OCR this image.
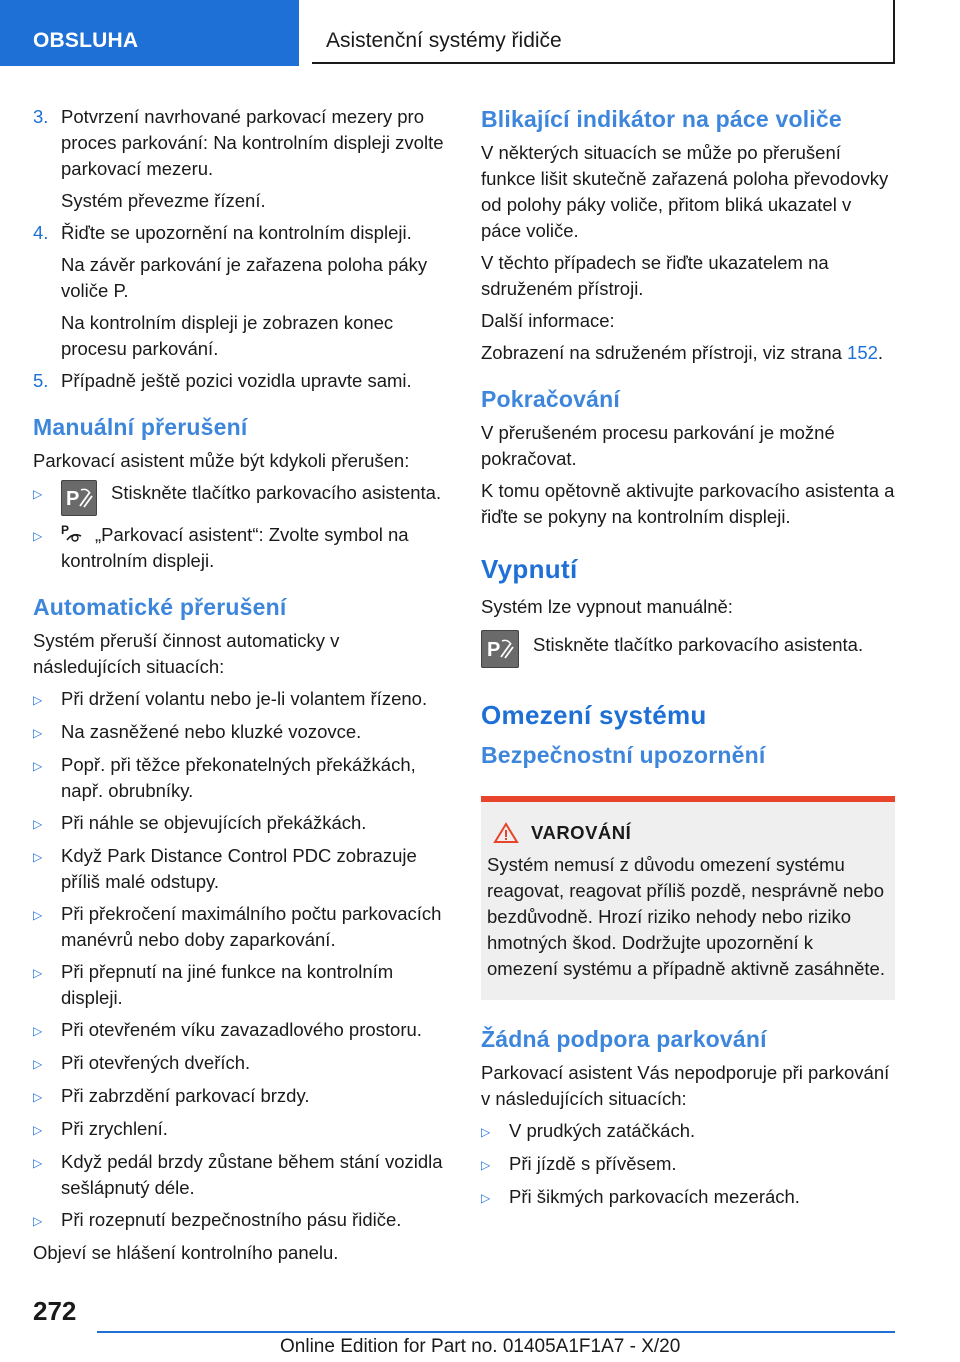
OBSLUHA	Asistenční systémy řidiče
3. Potvrzení navrhované parkovací mezery pro proces parkování: Na kontrolním displeji zvolte parkovací mezeru.
Systém převezme řízení.
4. Řiďte se upozornění na kontrolním displeji.
Na závěr parkování je zařazena poloha páky voliče P.
Na kontrolním displeji je zobrazen konec procesu parkování.
5. Případně ještě pozici vozidla upravte sami.
Manuální přerušení
Parkovací asistent může být kdykoli přerušen:
▷	P Stiskněte tlačítko parkovacího asistenta.
▷	P „Parkovací asistent“: Zvolte symbol na kontrolním displeji.
Automatické přerušení
Systém přeruší činnost automaticky v následujících situacích:
▷	Při držení volantu nebo je-li volantem řízeno.
▷	Na zasněžené nebo kluzké vozovce.
▷	Popř. při těžce překonatelných překážkách, např. obrubníky.
▷	Při náhle se objevujících překážkách.
▷	Když Park Distance Control PDC zobrazuje příliš malé odstupy.
▷	Při překročení maximálního počtu parkovacích manévrů nebo doby zaparkování.
▷	Při přepnutí na jiné funkce na kontrolním displeji.
▷	Při otevřeném víku zavazadlového prostoru.
▷	Při otevřených dveřích.
▷	Při zabrzdění parkovací brzdy.
▷	Při zrychlení.
▷	Když pedál brzdy zůstane během stání vozidla sešlápnutý déle.
▷	Při rozepnutí bezpečnostního pásu řidiče.
Objeví se hlášení kontrolního panelu.
Blikající indikátor na páce voliče
V některých situacích se může po přerušení funkce lišit skutečně zařazená poloha převodovky od polohy páky voliče, přitom bliká ukazatel v páce voliče.
V těchto případech se řiďte ukazatelem na sdruženém přístroji.
Další informace:
Zobrazení na sdruženém přístroji, viz strana 152.
Pokračování
V přerušeném procesu parkování je možné pokračovat.
K tomu opětovně aktivujte parkovacího asistenta a řiďte se pokyny na kontrolním displeji.
Vypnutí
Systém lze vypnout manuálně:
P Stiskněte tlačítko parkovacího asistenta.
Omezení systému
Bezpečnostní upozornění
VAROVÁNÍ
Systém nemusí z důvodu omezení systému reagovat, reagovat příliš pozdě, nesprávně nebo bezdůvodně. Hrozí riziko nehody nebo riziko hmotných škod. Dodržujte upozornění k omezení systému a případně aktivně zasáhněte.
Žádná podpora parkování
Parkovací asistent Vás nepodporuje při parkování v následujících situacích:
▷	V prudkých zatáčkách.
▷	Při jízdě s přívěsem.
▷	Při šikmých parkovacích mezerách.
272
Online Edition for Part no. 01405A1F1A7 - X/20
